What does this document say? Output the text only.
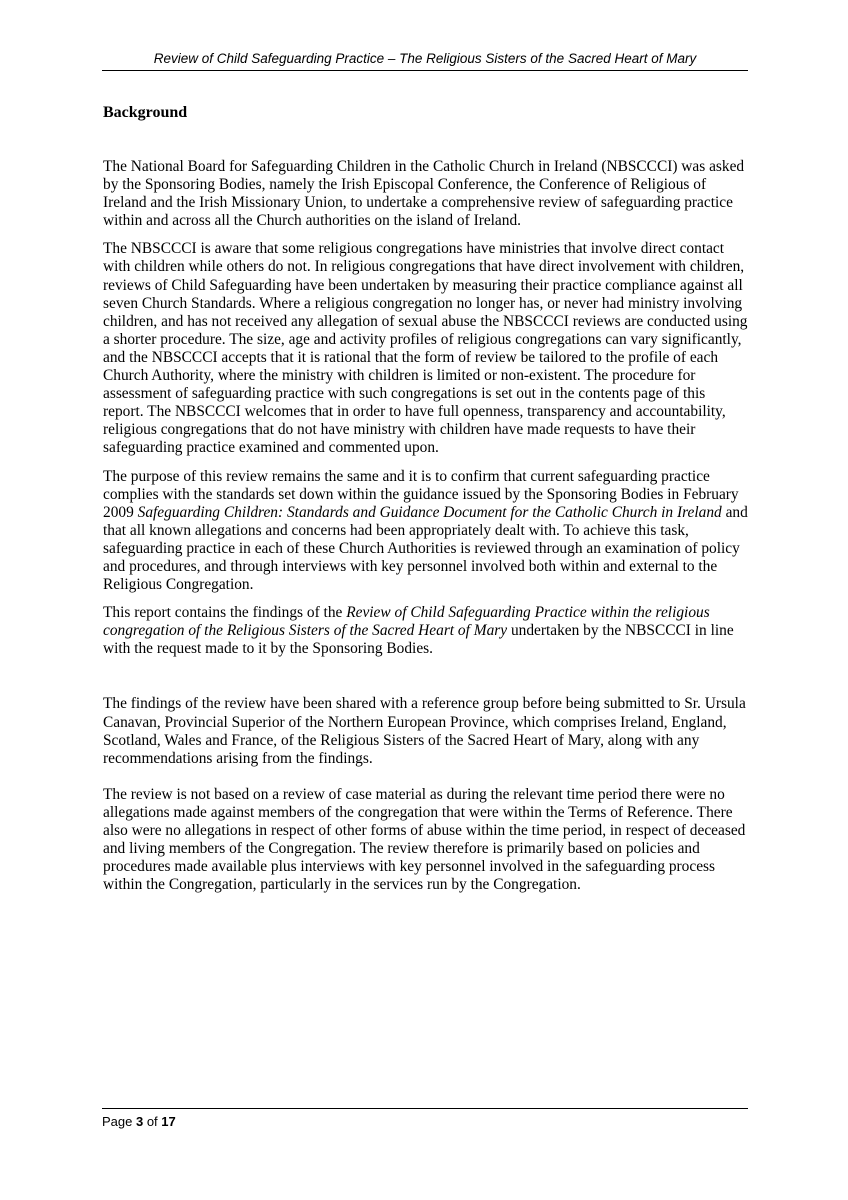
Review of Child Safeguarding Practice – The Religious Sisters of the Sacred Heart of Mary
Background

The National Board for Safeguarding Children in the Catholic Church in Ireland (NBSCCCI) was asked by the Sponsoring Bodies, namely the Irish Episcopal Conference, the Conference of Religious of Ireland and the Irish Missionary Union, to undertake a comprehensive review of safeguarding practice within and across all the Church authorities on the island of Ireland.

The NBSCCCI is aware that some religious congregations have ministries that involve direct contact with children while others do not. In religious congregations that have direct involvement with children, reviews of Child Safeguarding have been undertaken by measuring their practice compliance against all seven Church Standards. Where a religious congregation no longer has, or never had ministry involving children, and has not received any allegation of sexual abuse the NBSCCCI reviews are conducted using a shorter procedure. The size, age and activity profiles of religious congregations can vary significantly, and the NBSCCCI accepts that it is rational that the form of review be tailored to the profile of each Church Authority, where the ministry with children is limited or non-existent. The procedure for assessment of safeguarding practice with such congregations is set out in the contents page of this report. The NBSCCCI welcomes that in order to have full openness, transparency and accountability, religious congregations that do not have ministry with children have made requests to have their safeguarding practice examined and commented upon.

The purpose of this review remains the same and it is to confirm that current safeguarding practice complies with the standards set down within the guidance issued by the Sponsoring Bodies in February 2009 Safeguarding Children: Standards and Guidance Document for the Catholic Church in Ireland and that all known allegations and concerns had been appropriately dealt with. To achieve this task, safeguarding practice in each of these Church Authorities is reviewed through an examination of policy and procedures, and through interviews with key personnel involved both within and external to the Religious Congregation.

This report contains the findings of the Review of Child Safeguarding Practice within the religious congregation of the Religious Sisters of the Sacred Heart of Mary undertaken by the NBSCCCI in line with the request made to it by the Sponsoring Bodies.

The findings of the review have been shared with a reference group before being submitted to Sr. Ursula Canavan, Provincial Superior of the Northern European Province, which comprises Ireland, England, Scotland, Wales and France, of the Religious Sisters of the Sacred Heart of Mary, along with any recommendations arising from the findings.

The review is not based on a review of case material as during the relevant time period there were no allegations made against members of the congregation that were within the Terms of Reference. There also were no allegations in respect of other forms of abuse within the time period, in respect of deceased and living members of the Congregation. The review therefore is primarily based on policies and procedures made available plus interviews with key personnel involved in the safeguarding process within the Congregation, particularly in the services run by the Congregation.

Page 3 of 17
